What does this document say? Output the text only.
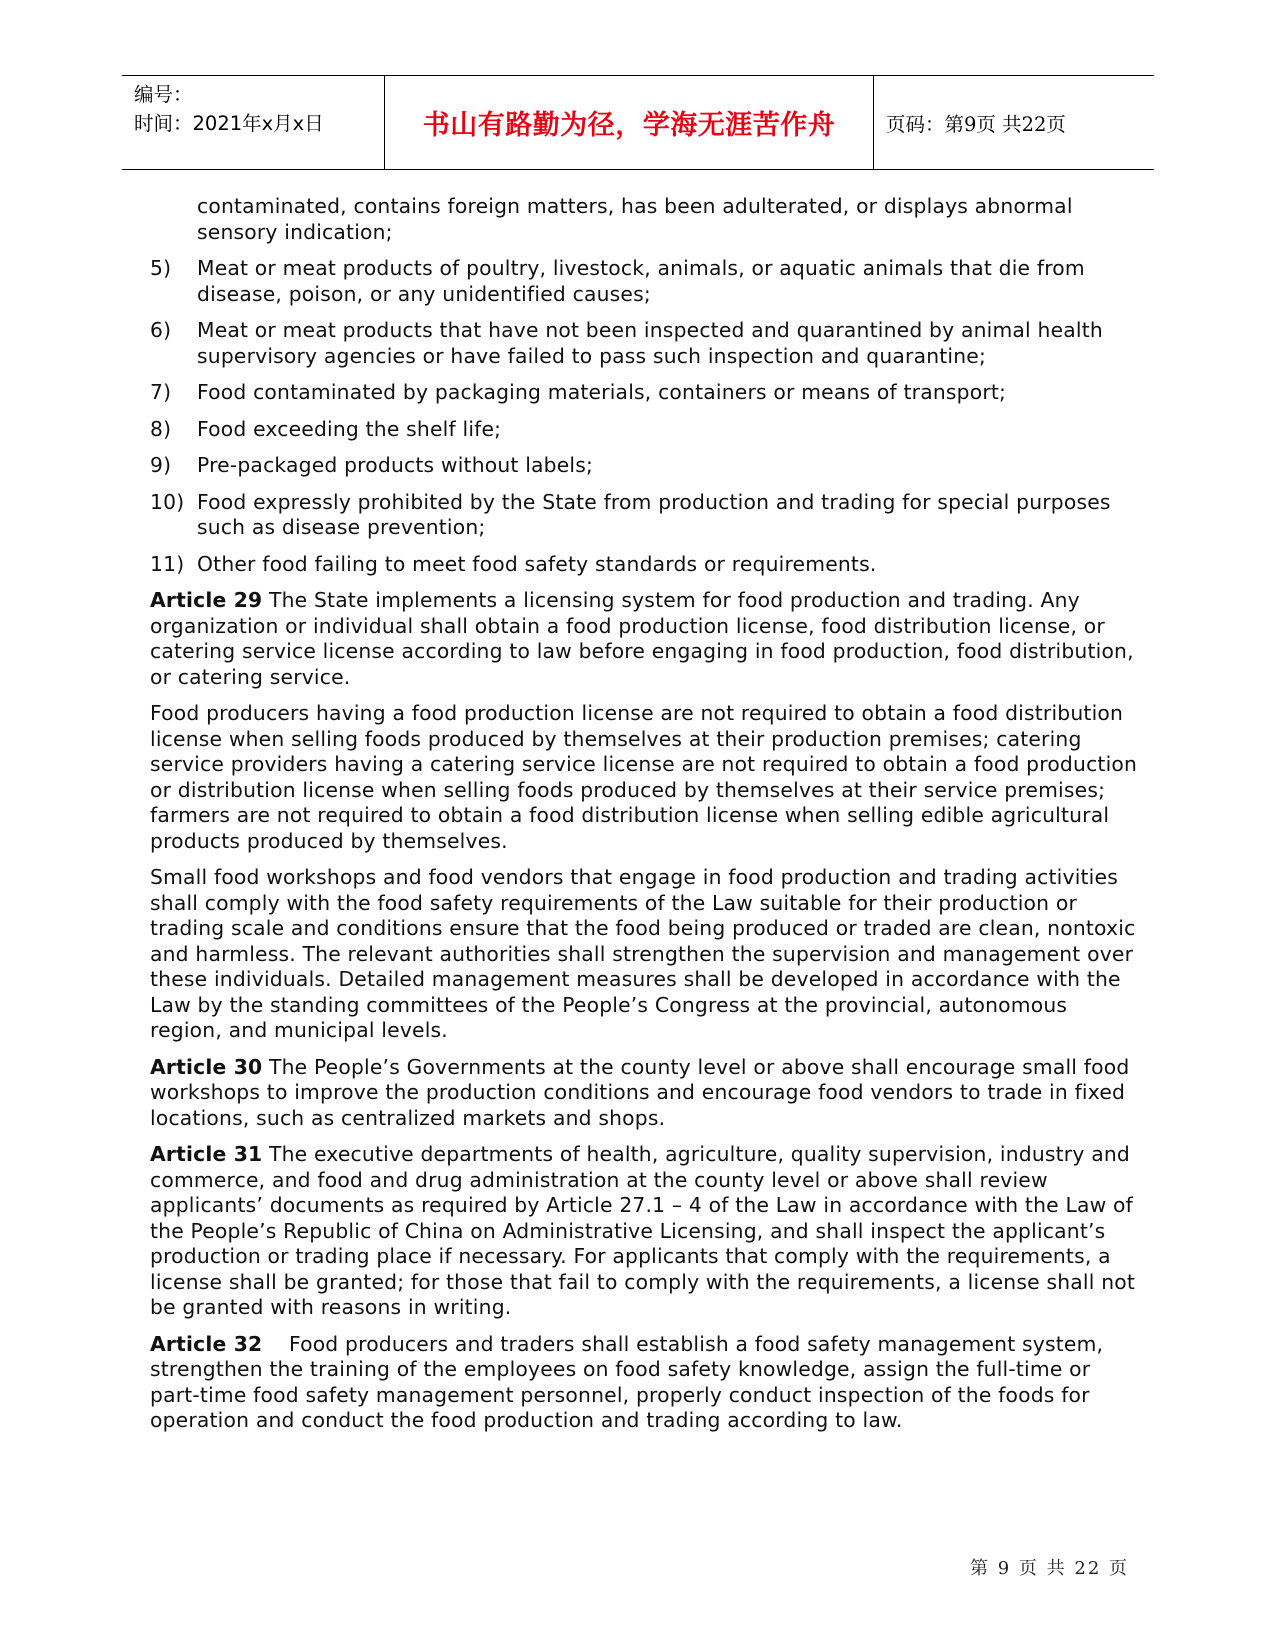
编号：
时间：2021年x月x日	书山有路勤为径，学海无涯苦作舟	页码：第9页 共22页
contaminated, contains foreign matters, has been adulterated, or displays abnormal sensory indication;
5)	Meat or meat products of poultry, livestock, animals, or aquatic animals that die from disease, poison, or any unidentified causes;
6)	Meat or meat products that have not been inspected and quarantined by animal health supervisory agencies or have failed to pass such inspection and quarantine;
7)	Food contaminated by packaging materials, containers or means of transport;
8)	Food exceeding the shelf life;
9)	Pre-packaged products without labels;
10) Food expressly prohibited by the State from production and trading for special purposes such as disease prevention;
11) Other food failing to meet food safety standards or requirements.

Article 29 The State implements a licensing system for food production and trading. Any organization or individual shall obtain a food production license, food distribution license, or catering service license according to law before engaging in food production, food distribution, or catering service.

Food producers having a food production license are not required to obtain a food distribution license when selling foods produced by themselves at their production premises; catering service providers having a catering service license are not required to obtain a food production or distribution license when selling foods produced by themselves at their service premises; farmers are not required to obtain a food distribution license when selling edible agricultural products produced by themselves.

Small food workshops and food vendors that engage in food production and trading activities shall comply with the food safety requirements of the Law suitable for their production or trading scale and conditions ensure that the food being produced or traded are clean, nontoxic and harmless. The relevant authorities shall strengthen the supervision and management over these individuals. Detailed management measures shall be developed in accordance with the Law by the standing committees of the People’s Congress at the provincial, autonomous region, and municipal levels.

Article 30 The People’s Governments at the county level or above shall encourage small food workshops to improve the production conditions and encourage food vendors to trade in fixed locations, such as centralized markets and shops.

Article 31 The executive departments of health, agriculture, quality supervision, industry and commerce, and food and drug administration at the county level or above shall review applicants’ documents as required by Article 27.1 – 4 of the Law in accordance with the Law of the People’s Republic of China on Administrative Licensing, and shall inspect the applicant’s production or trading place if necessary. For applicants that comply with the requirements, a license shall be granted; for those that fail to comply with the requirements, a license shall not be granted with reasons in writing.

Article 32    Food producers and traders shall establish a food safety management system, strengthen the training of the employees on food safety knowledge, assign the full-time or part-time food safety management personnel, properly conduct inspection of the foods for operation and conduct the food production and trading according to law.

第 9 页 共 22 页
